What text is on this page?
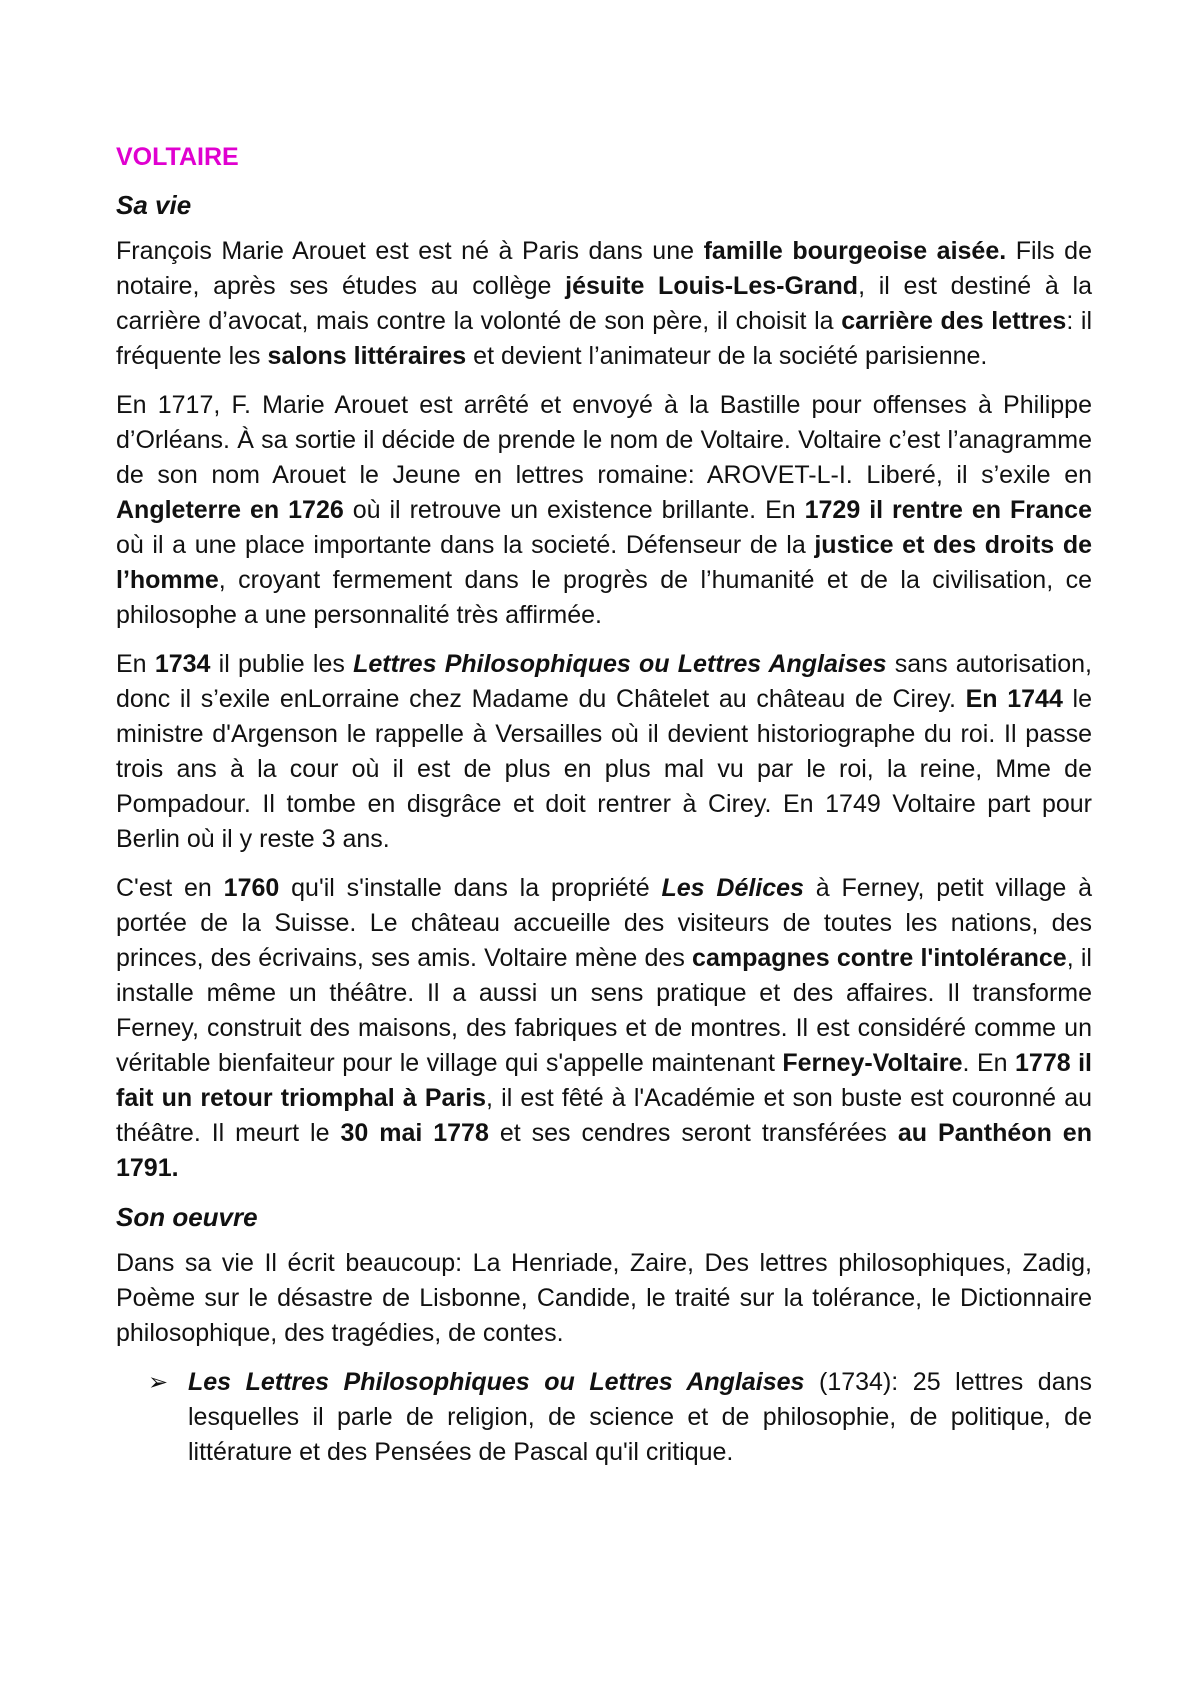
VOLTAIRE
Sa vie

François Marie Arouet est est né à Paris dans une famille bourgeoise aisée. Fils de notaire, après ses études au collège jésuite Louis-Les-Grand, il est destiné à la carrière d’avocat, mais contre la volonté de son père, il choisit la carrière des lettres: il fréquente les salons littéraires et devient l’animateur de la société parisienne.

En 1717, F. Marie Arouet est arrêté et envoyé à la Bastille pour offenses à Philippe d’Orléans. À sa sortie il décide de prende le nom de Voltaire. Voltaire c’est l’anagramme de son nom Arouet le Jeune en lettres romaine: AROVET-L-I. Liberé, il s’exile en Angleterre en 1726 où il retrouve un existence brillante. En 1729 il rentre en France où il a une place importante dans la societé. Défenseur de la justice et des droits de l’homme, croyant fermement dans le progrès de l’humanité et de la civilisation, ce philosophe a une personnalité très affirmée.

En 1734 il publie les Lettres Philosophiques ou Lettres Anglaises sans autorisation, donc il s’exile enLorraine chez Madame du Châtelet au château de Cirey. En 1744 le ministre d'Argenson le rappelle à Versailles où il devient historiographe du roi. Il passe trois ans à la cour où il est de plus en plus mal vu par le roi, la reine, Mme de Pompadour. Il tombe en disgrâce et doit rentrer à Cirey. En 1749 Voltaire part pour Berlin où il y reste 3 ans.

C'est en 1760 qu'il s'installe dans la propriété Les Délices à Ferney, petit village à portée de la Suisse. Le château accueille des visiteurs de toutes les nations, des princes, des écrivains, ses amis. Voltaire mène des campagnes contre l'intolérance, il installe même un théâtre. Il a aussi un sens pratique et des affaires. Il transforme Ferney, construit des maisons, des fabriques et de montres. Il est considéré comme un véritable bienfaiteur pour le village qui s'appelle maintenant Ferney-Voltaire. En 1778 il fait un retour triomphal à Paris, il est fêté à l'Académie et son buste est couronné au théâtre. Il meurt le 30 mai 1778 et ses cendres seront transférées au Panthéon en 1791.

Son oeuvre

Dans sa vie Il écrit beaucoup: La Henriade, Zaire, Des lettres philosophiques, Zadig, Poème sur le désastre de Lisbonne, Candide, le traité sur la tolérance, le Dictionnaire philosophique, des tragédies, de contes.

➢ Les Lettres Philosophiques ou Lettres Anglaises (1734): 25 lettres dans lesquelles il parle de religion, de science et de philosophie, de politique, de littérature et des Pensées de Pascal qu'il critique.
